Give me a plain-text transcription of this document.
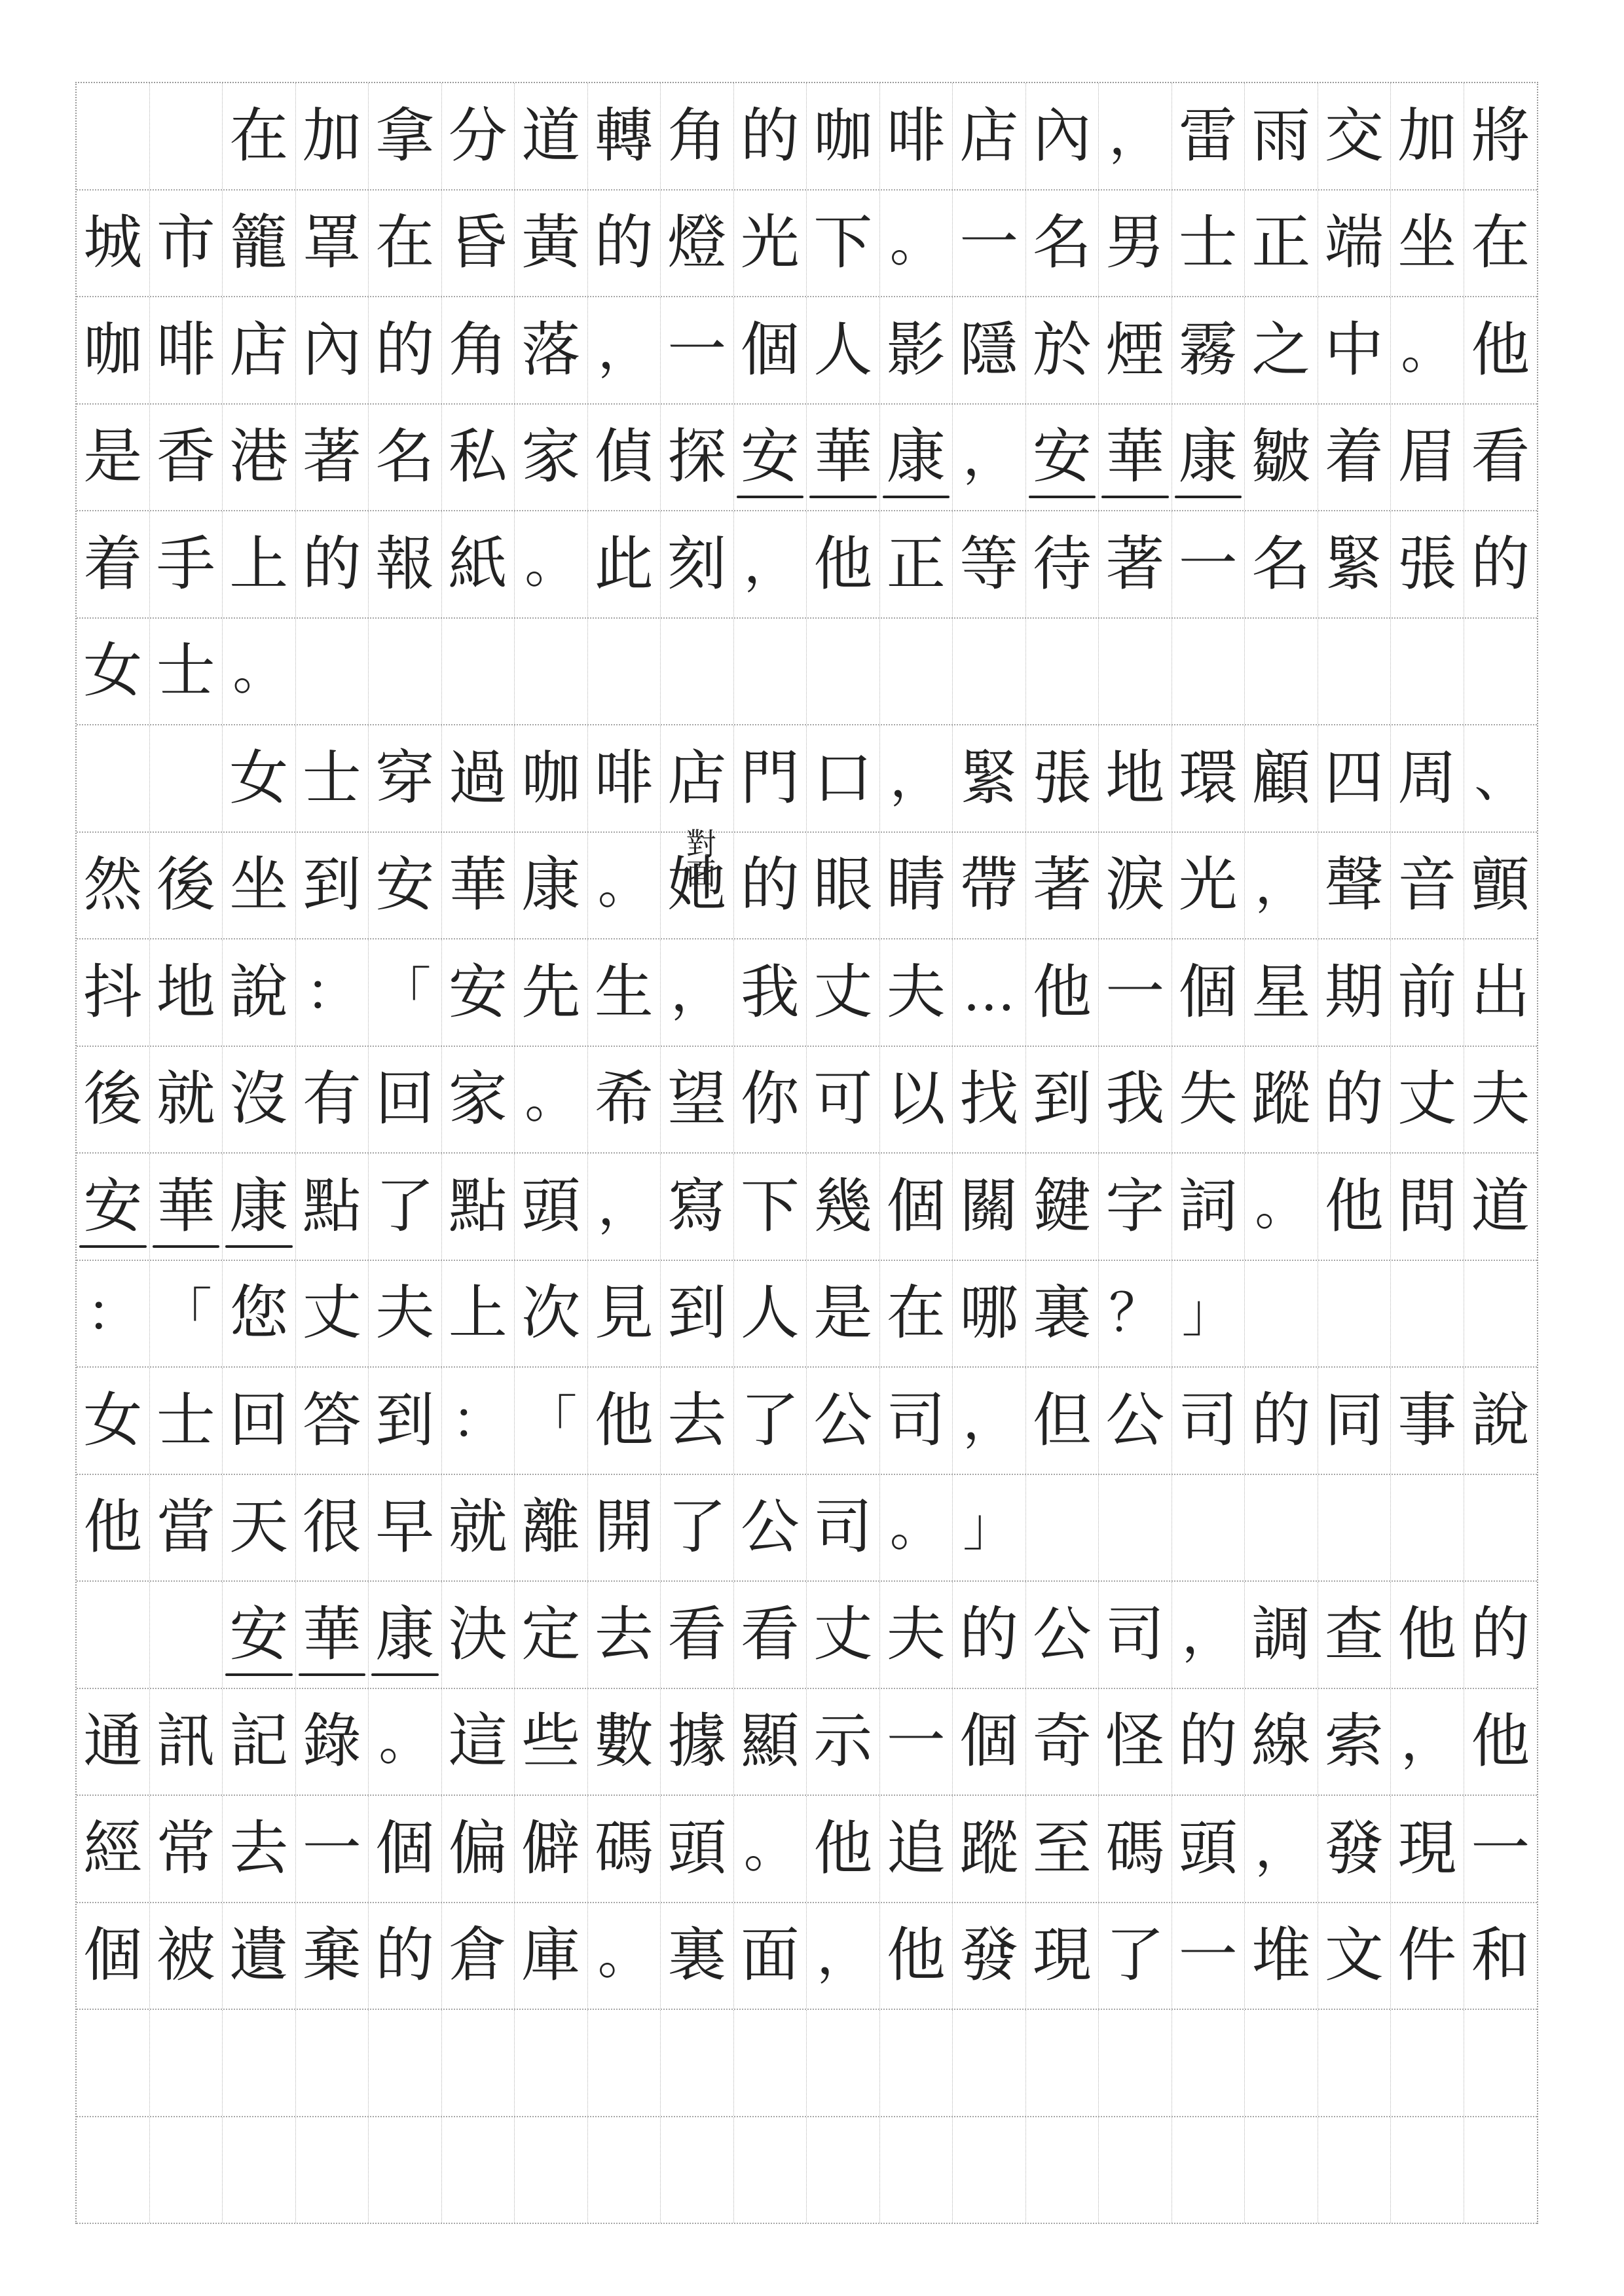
在 加 拿 分 道 轉 角 的 咖 啡 店 內 ， 雷 雨 交 加 將
城 市 籠 罩 在 昏 黃 的 燈 光 下 。 一 名 男 士 正 端 坐 在
咖 啡 店 內 的 角 落 ， 一 個 人 影 隱 於 煙 霧 之 中 。 他
是 香 港 著 名 私 家 偵 探 安 華 康 ， 安 華 康 皺 着 眉 看
着 手 上 的 報 紙 。 此 刻 ， 他 正 等 待 著 一 名 緊 張 的
女 士 。
女 士 穿 過 咖 啡 店 門 口 ， 緊 張 地 環 顧 四 周 、
然 後 坐 到 安 華 康 。
對面 她 的 眼 睛 帶 著 淚 光 ， 聲 音 顫
抖 地 說 ： 「 安 先 生 ， 我 丈 夫 … 他 一 個 星 期 前 出
後 就 沒 有 回 家 。 希 望 你 可 以 找 到 我 失 蹤 的 丈 夫
安 華 康 點 了 點 頭 ， 寫 下 幾 個 關 鍵 字 詞 。 他 問 道
： 「 您 丈 夫 上 次 見 到 人 是 在 哪 裏 ？ 」
女 士 回 答 到 ： 「 他 去 了 公 司 ， 但 公 司 的 同 事 說
他 當 天 很 早 就 離 開 了 公 司 。 」
安 華 康 決 定 去 看 看 丈 夫 的 公 司 ， 調 查 他 的
通 訊 記 錄 。 這 些 數 據 顯 示 一 個 奇 怪 的 線 索 ， 他
經 常 去 一 個 偏 僻 碼 頭 。 他 追 蹤 至 碼 頭 ， 發 現 一
個 被 遺 棄 的 倉 庫 。 裏 面 ， 他 發 現 了 一 堆 文 件 和
